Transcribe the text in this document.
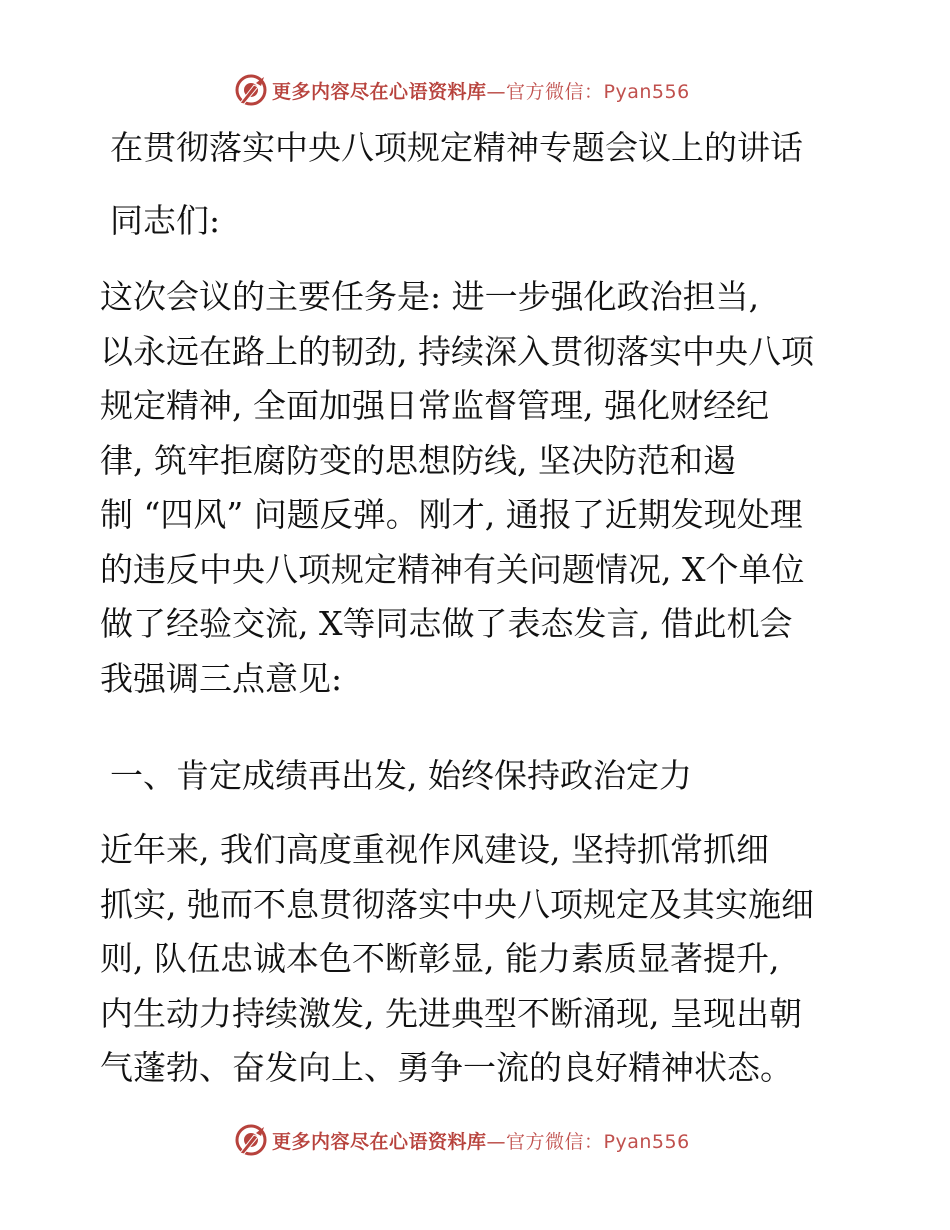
更多内容尽在心语资料库—官方微信：Pyan556
在贯彻落实中央八项规定精神专题会议上的讲话
同志们:

这次会议的主要任务是: 进一步强化政治担当,
以永远在路上的韧劲, 持续深入贯彻落实中央八项
规定精神, 全面加强日常监督管理, 强化财经纪
律, 筑牢拒腐防变的思想防线, 坚决防范和遏
制 “四风” 问题反弹。刚才, 通报了近期发现处理
的违反中央八项规定精神有关问题情况, X个单位
做了经验交流, X等同志做了表态发言, 借此机会
我强调三点意见:

一、肯定成绩再出发, 始终保持政治定力

近年来, 我们高度重视作风建设, 坚持抓常抓细
抓实, 弛而不息贯彻落实中央八项规定及其实施细
则, 队伍忠诚本色不断彰显, 能力素质显著提升,
内生动力持续激发, 先进典型不断涌现, 呈现出朝
气蓬勃、奋发向上、勇争一流的良好精神状态。

更多内容尽在心语资料库—官方微信：Pyan556
